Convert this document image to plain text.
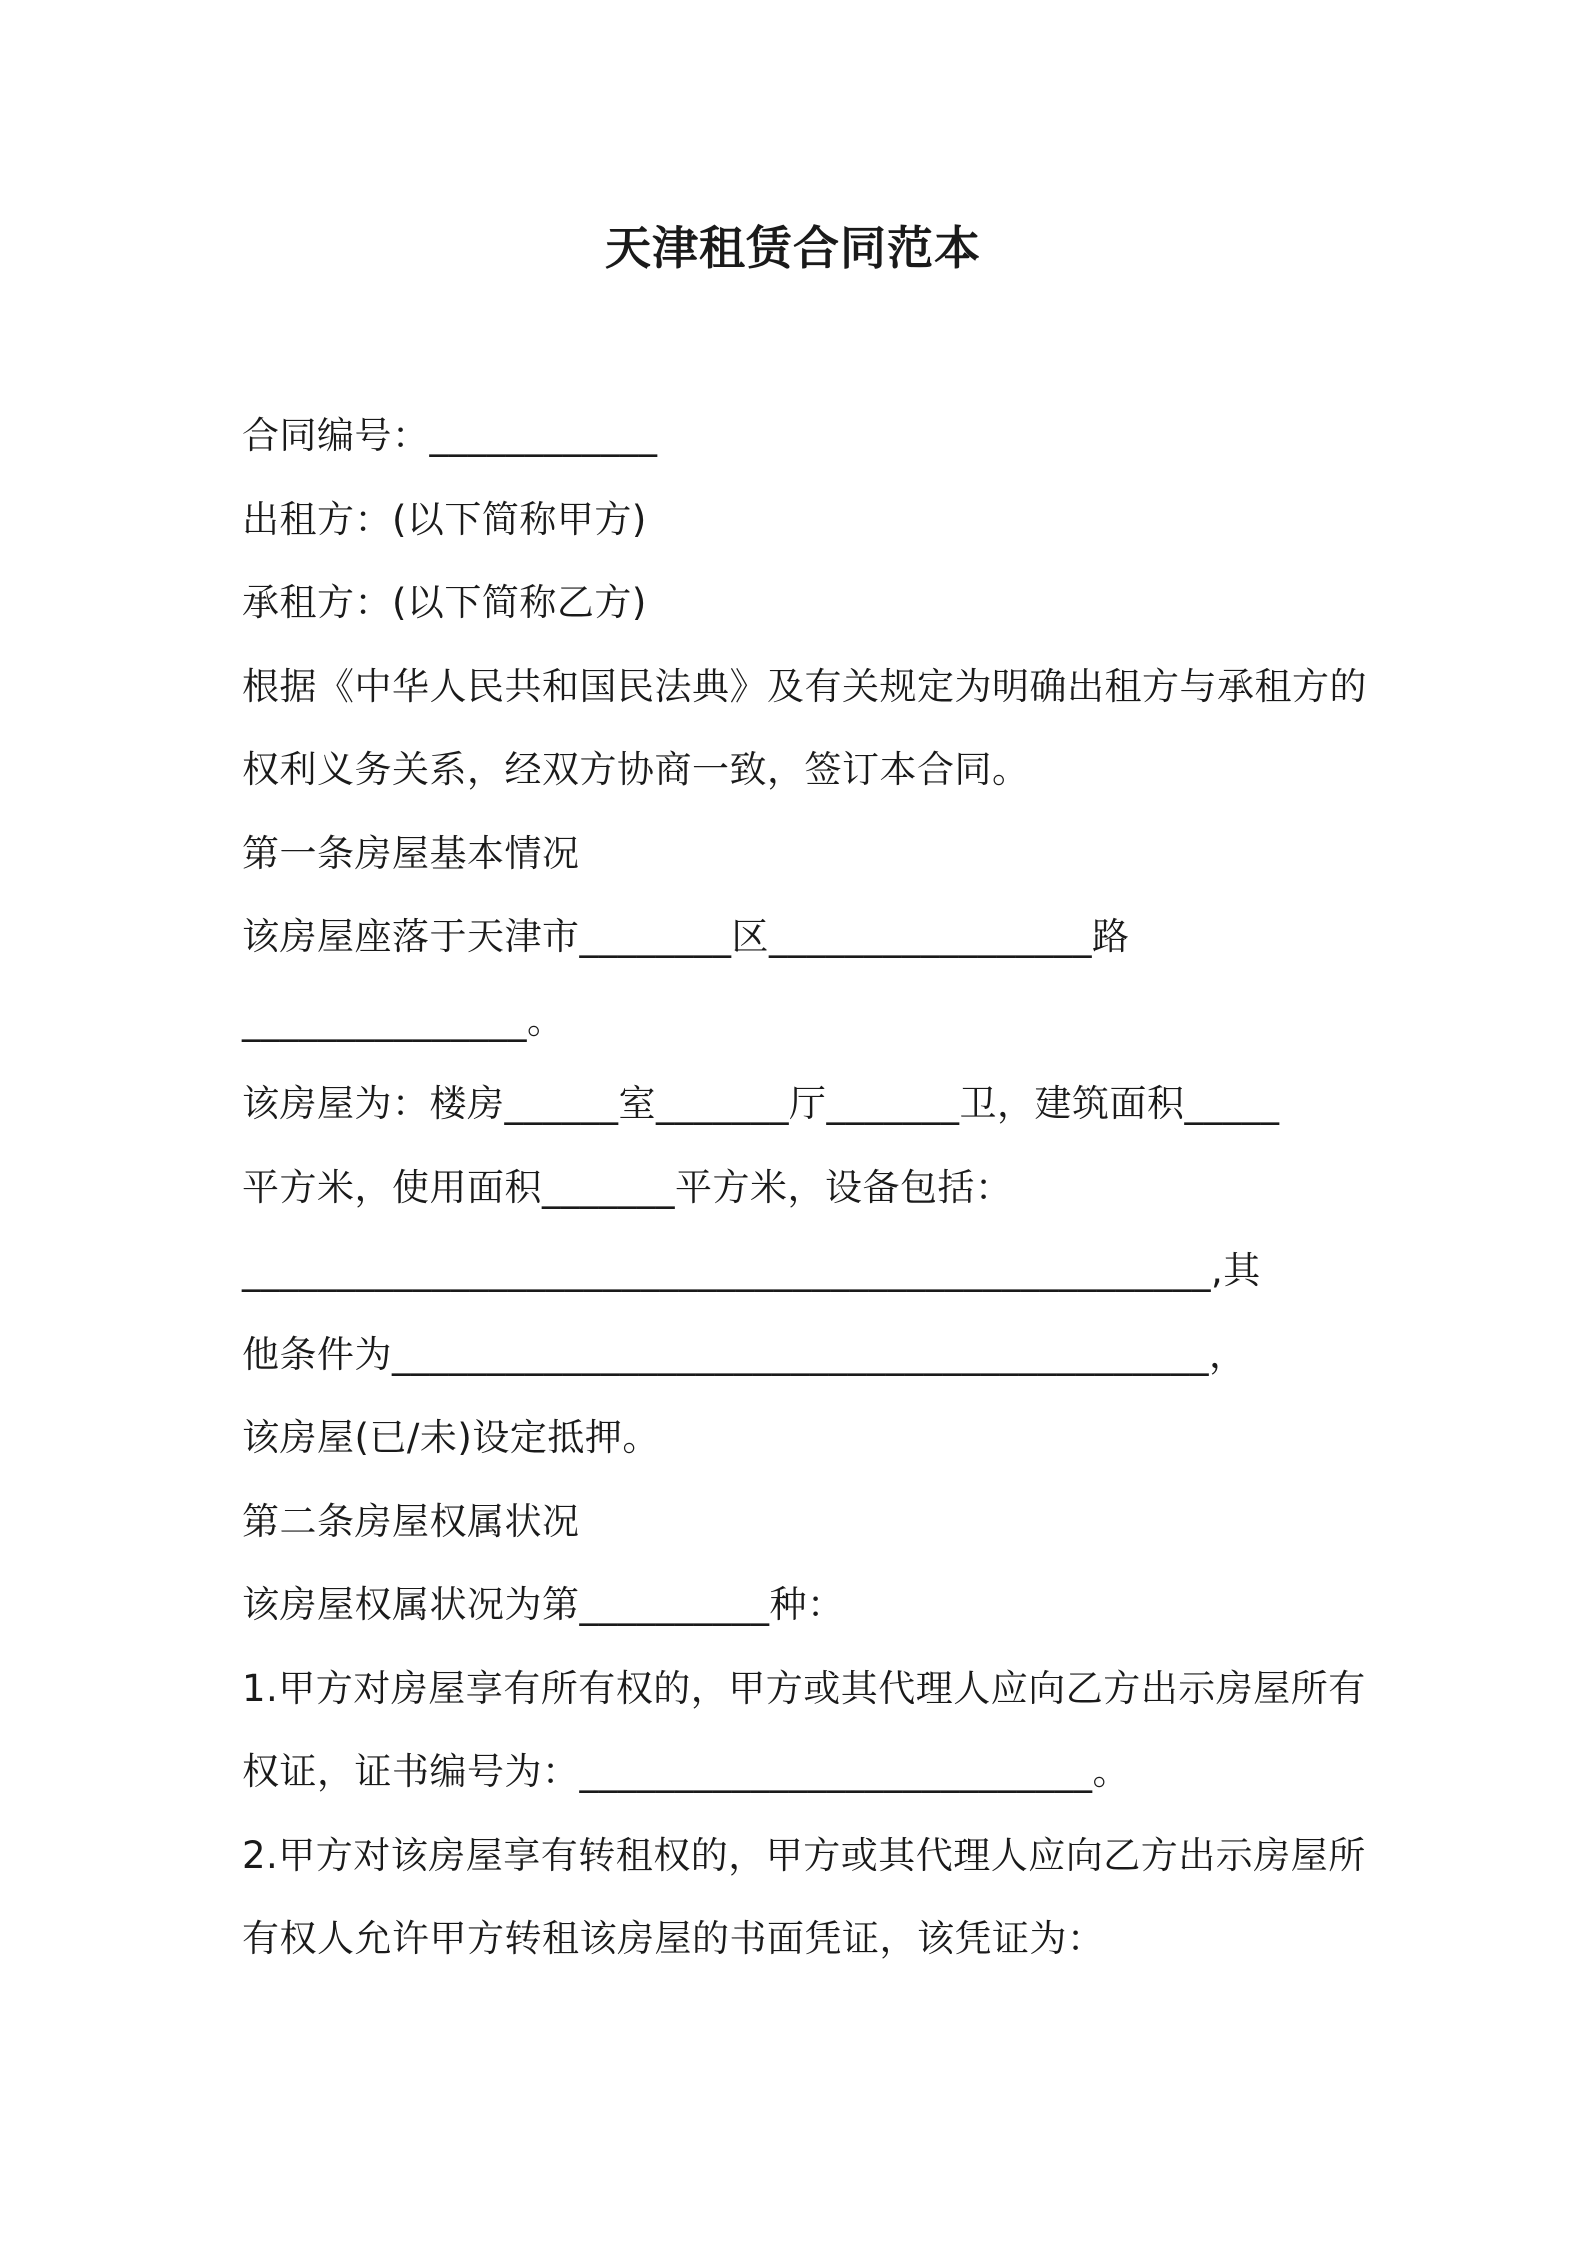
天津租赁合同范本
合同编号：____________
出租方：(以下简称甲方)
承租方：(以下简称乙方)
根据《中华人民共和国民法典》及有关规定为明确出租方与承租方的
权利义务关系，经双方协商一致，签订本合同。
第一条房屋基本情况
该房屋座落于天津市________区_________________路
_______________。
该房屋为：楼房______室_______厅_______卫，建筑面积_____
平方米，使用面积_______平方米，设备包括：
___________________________________________________,其
他条件为___________________________________________，
该房屋(已/未)设定抵押。
第二条房屋权属状况
该房屋权属状况为第__________种：
1.甲方对房屋享有所有权的，甲方或其代理人应向乙方出示房屋所有
权证，证书编号为：___________________________。
2.甲方对该房屋享有转租权的，甲方或其代理人应向乙方出示房屋所
有权人允许甲方转租该房屋的书面凭证，该凭证为：
